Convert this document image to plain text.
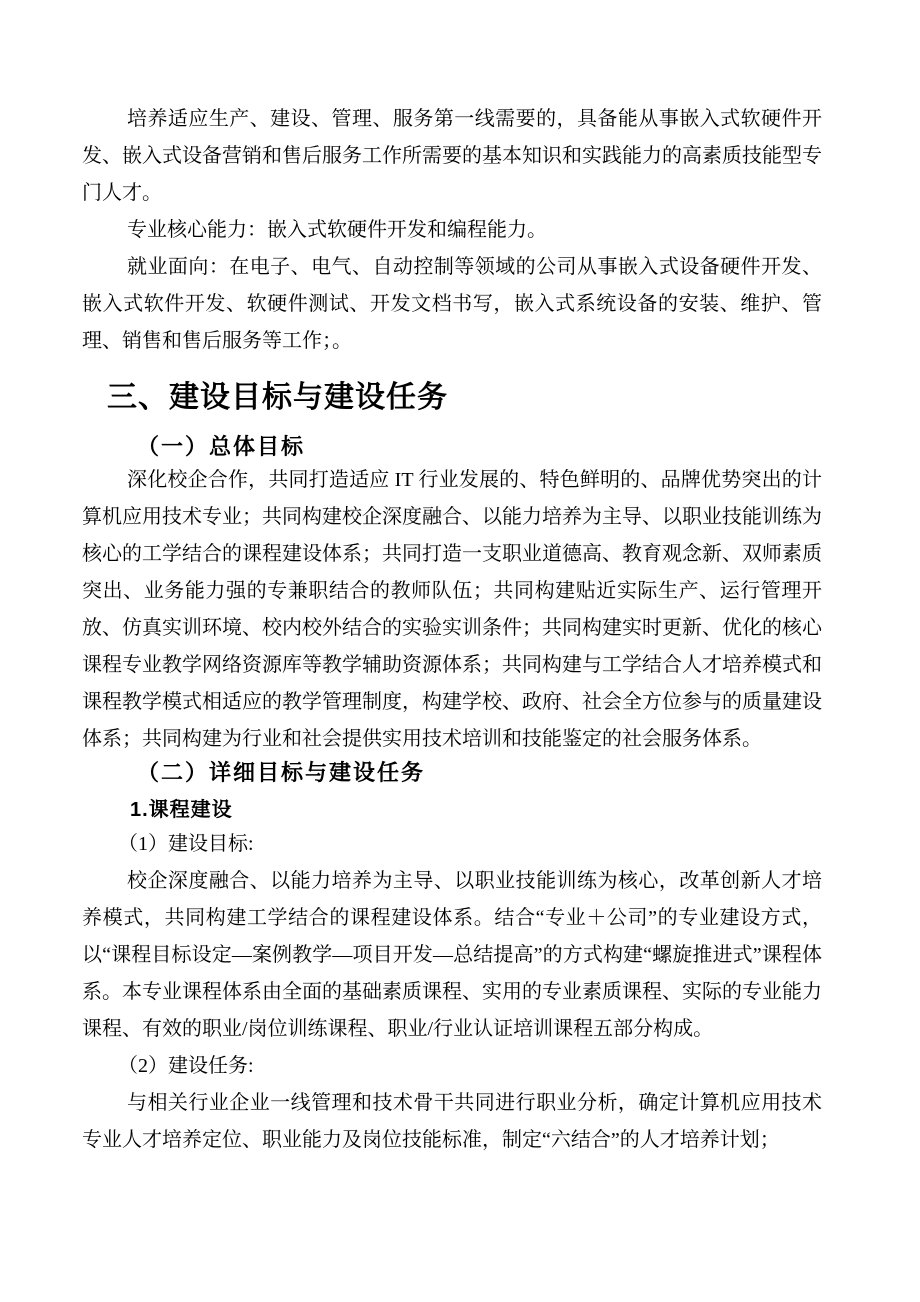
培养适应生产、建设、管理、服务第一线需要的，具备能从事嵌入式软硬件开发、嵌入式设备营销和售后服务工作所需要的基本知识和实践能力的高素质技能型专门人才。

专业核心能力：嵌入式软硬件开发和编程能力。

就业面向：在电子、电气、自动控制等领域的公司从事嵌入式设备硬件开发、嵌入式软件开发、软硬件测试、开发文档书写，嵌入式系统设备的安装、维护、管理、销售和售后服务等工作；。

三、建设目标与建设任务
（一）总体目标

深化校企合作，共同打造适应 IT 行业发展的、特色鲜明的、品牌优势突出的计算机应用技术专业；共同构建校企深度融合、以能力培养为主导、以职业技能训练为核心的工学结合的课程建设体系；共同打造一支职业道德高、教育观念新、双师素质突出、业务能力强的专兼职结合的教师队伍；共同构建贴近实际生产、运行管理开放、仿真实训环境、校内校外结合的实验实训条件；共同构建实时更新、优化的核心课程专业教学网络资源库等教学辅助资源体系；共同构建与工学结合人才培养模式和课程教学模式相适应的教学管理制度，构建学校、政府、社会全方位参与的质量建设体系；共同构建为行业和社会提供实用技术培训和技能鉴定的社会服务体系。

（二）详细目标与建设任务
1.课程建设

（1）建设目标:

校企深度融合、以能力培养为主导、以职业技能训练为核心，改革创新人才培养模式，共同构建工学结合的课程建设体系。结合“专业＋公司”的专业建设方式，以“课程目标设定—案例教学—项目开发—总结提高”的方式构建“螺旋推进式”课程体系。本专业课程体系由全面的基础素质课程、实用的专业素质课程、实际的专业能力课程、有效的职业/岗位训练课程、职业/行业认证培训课程五部分构成。

（2）建设任务:

与相关行业企业一线管理和技术骨干共同进行职业分析，确定计算机应用技术专业人才培养定位、职业能力及岗位技能标准，制定“六结合”的人才培养计划；
